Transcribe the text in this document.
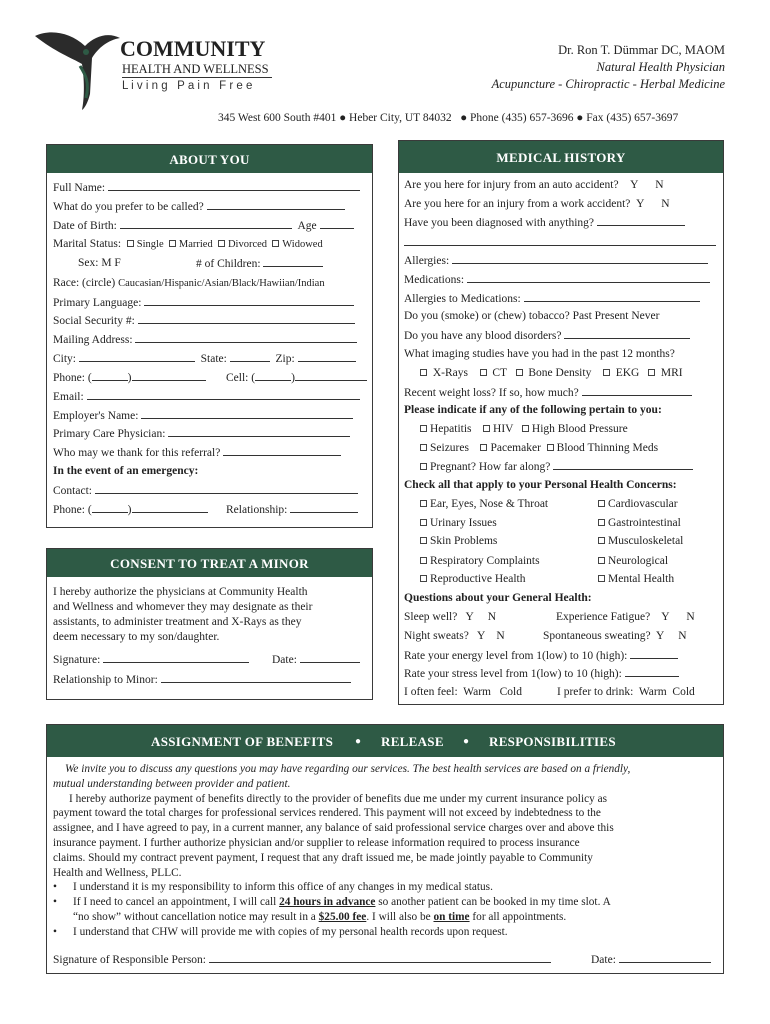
COMMUNITY
HEALTH AND WELLNESS
L i v i n g   P a i n   F r e e
Dr. Ron T. Dümmar DC, MAOM
Natural Health Physician
Acupuncture - Chiropractic - Herbal Medicine
345 West 600 South #401 ● Heber City, UT 84032   ● Phone (435) 657-3696 ● Fax (435) 657-3697
ABOUT YOU
Full Name:
What do you prefer to be called?
Date of Birth:	Age
Marital Status: Single Married Divorced Widowed
Sex: M F	# of Children:
Race: (circle) Caucasian/Hispanic/Asian/Black/Hawiian/Indian
Primary Language:
Social Security #:
Mailing Address:
City:	State:	Zip:
Phone: (	)	Cell: (	)
Email:
Employer's Name:
Primary Care Physician:
Who may we thank for this referral?
In the event of an emergency:
Contact:
Phone: (	)	Relationship:
CONSENT TO TREAT A MINOR
I hereby authorize the physicians at Community Health
and Wellness and whomever they may designate as their
assistants, to administer treatment and X-Rays as they
deem necessary to my son/daughter.
Signature:	Date:
Relationship to Minor:
MEDICAL HISTORY
Are you here for injury from an auto accident? Y      N
Are you here for an injury from a work accident? Y      N
Have you been diagnosed with anything?
Allergies:
Medications:
Allergies to Medications:
Do you (smoke) or (chew) tobacco? Past Present Never
Do you have any blood disorders?
What imaging studies have you had in the past 12 months?
X-Rays CT Bone Density EKG MRI
Recent weight loss? If so, how much?
Please indicate if any of the following pertain to you:
Hepatitis HIV High Blood Pressure
Seizures Pacemaker Blood Thinning Meds
Pregnant? How far along?
Check all that apply to your Personal Health Concerns:
Ear, Eyes, Nose & Throat	Cardiovascular
Urinary Issues	Gastrointestinal
Skin Problems	Musculoskeletal
Respiratory Complaints	Neurological
Reproductive Health	Mental Health
Questions about your General Health:
Sleep well?   Y     N	Experience Fatigue?    Y      N
Night sweats?   Y    N	Spontaneous sweating?  Y     N
Rate your energy level from 1(low) to 10 (high):
Rate your stress level from 1(low) to 10 (high):
I often feel:  Warm   Cold	I prefer to drink:  Warm  Cold
ASSIGNMENT OF BENEFITS ● RELEASE ● RESPONSIBILITIES
We invite you to discuss any questions you may have regarding our services. The best health services are based on a friendly,
mutual understanding between provider and patient.
I hereby authorize payment of benefits directly to the provider of benefits due me under my current insurance policy as
payment toward the total charges for professional services rendered. This payment will not exceed by indebtedness to the
assignee, and I have agreed to pay, in a current manner, any balance of said professional service charges over and above this
insurance payment. I further authorize physician and/or supplier to release information required to process insurance
claims. Should my contract prevent payment, I request that any draft issued me, be made jointly payable to Community
Health and Wellness, PLLC.
• I understand it is my responsibility to inform this office of any changes in my medical status.
• If I need to cancel an appointment, I will call 24 hours in advance so another patient can be booked in my time slot. A
“no show” without cancellation notice may result in a $25.00 fee. I will also be on time for all appointments.
• I understand that CHW will provide me with copies of my personal health records upon request.
Signature of Responsible Person:	Date:
